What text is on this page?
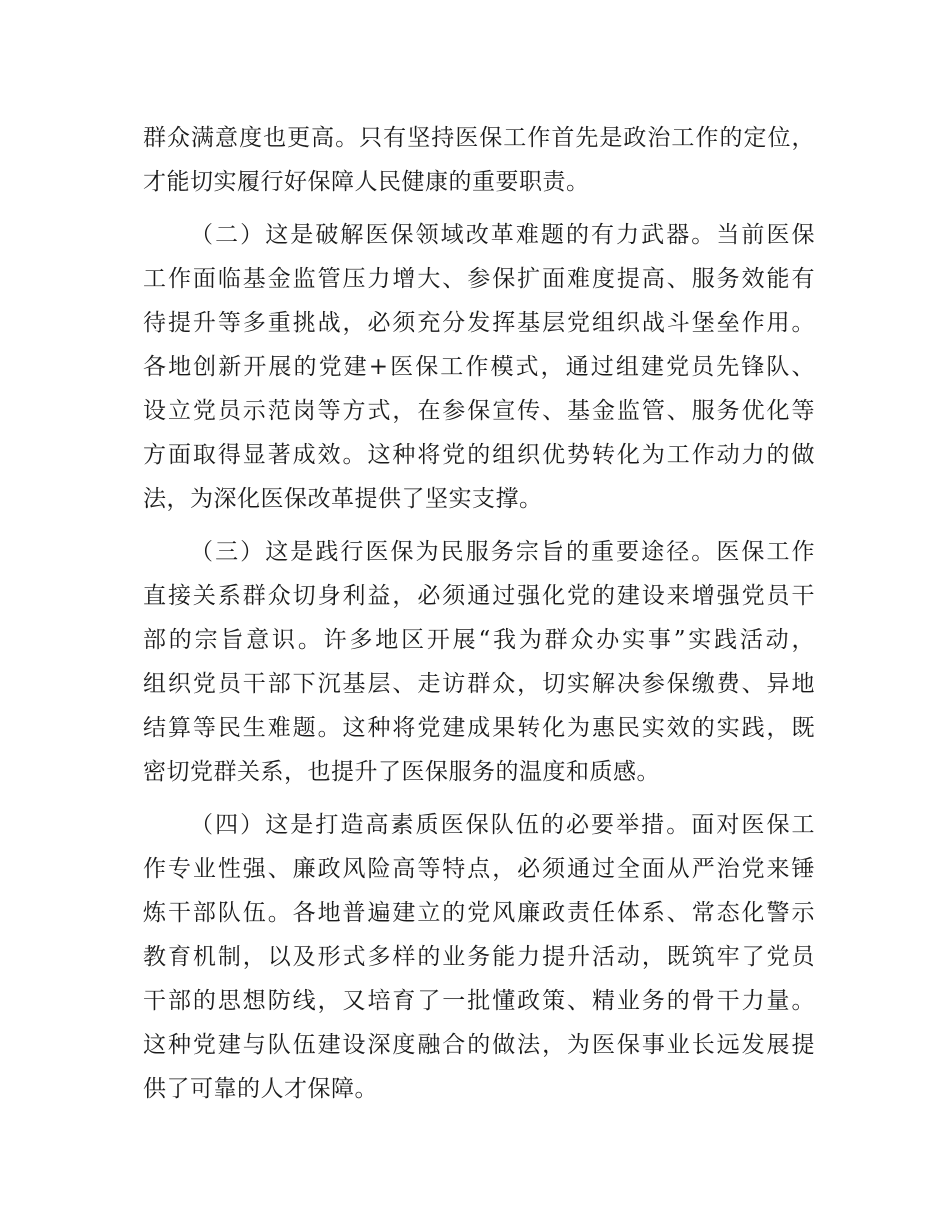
群众满意度也更高。只有坚持医保工作首先是政治工作的定位，
才能切实履行好保障人民健康的重要职责。
（二）这是破解医保领域改革难题的有力武器。当前医保
工作面临基金监管压力增大、参保扩面难度提高、服务效能有
待提升等多重挑战，必须充分发挥基层党组织战斗堡垒作用。
各地创新开展的党建+医保工作模式，通过组建党员先锋队、
设立党员示范岗等方式，在参保宣传、基金监管、服务优化等
方面取得显著成效。这种将党的组织优势转化为工作动力的做
法，为深化医保改革提供了坚实支撑。
（三）这是践行医保为民服务宗旨的重要途径。医保工作
直接关系群众切身利益，必须通过强化党的建设来增强党员干
部的宗旨意识。许多地区开展“我为群众办实事”实践活动，
组织党员干部下沉基层、走访群众，切实解决参保缴费、异地
结算等民生难题。这种将党建成果转化为惠民实效的实践，既
密切党群关系，也提升了医保服务的温度和质感。
（四）这是打造高素质医保队伍的必要举措。面对医保工
作专业性强、廉政风险高等特点，必须通过全面从严治党来锤
炼干部队伍。各地普遍建立的党风廉政责任体系、常态化警示
教育机制，以及形式多样的业务能力提升活动，既筑牢了党员
干部的思想防线，又培育了一批懂政策、精业务的骨干力量。
这种党建与队伍建设深度融合的做法，为医保事业长远发展提
供了可靠的人才保障。
